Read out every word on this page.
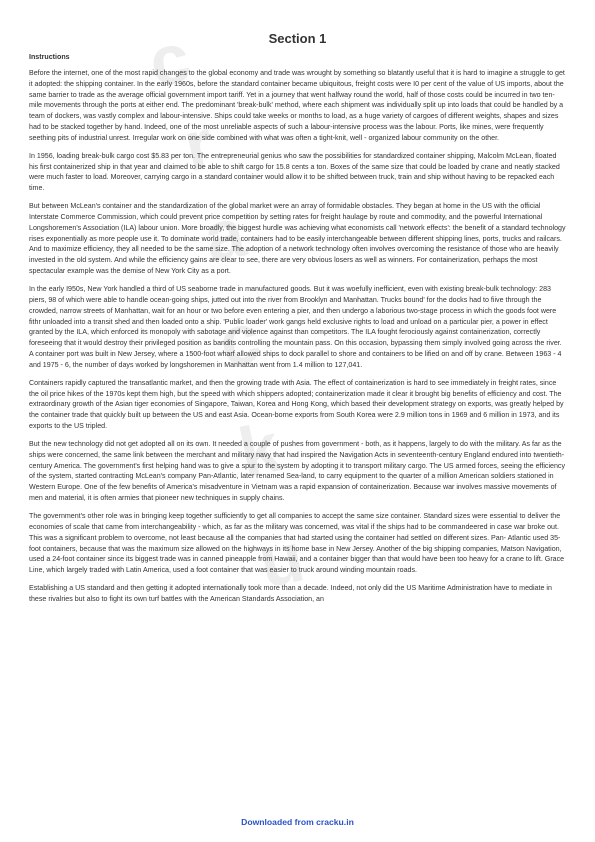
c
r
a
c
k
u
Section 1
Instructions

Before the internet, one of the most rapid changes to the global economy and trade was wrought by something so blatantly useful that it is hard to imagine a struggle to get it adopted: the shipping container. In the early 1960s, before the standard container became ubiquitous, freight costs were I0 per cent of the value of US imports, about the same barrier to trade as the average official government import tariff. Yet in a journey that went halfway round the world, half of those costs could be incurred in two ten-mile movements through the ports at either end. The predominant 'break-bulk' method, where each shipment was individually split up into loads that could be handled by a team of dockers, was vastly complex and labour-intensive. Ships could take weeks or months to load, as a huge variety of cargoes of different weights, shapes and sizes had to be stacked together by hand. Indeed, one of the most unreliable aspects of such a labour-intensive process was the labour. Ports, like mines, were frequently seething pits of industrial unrest. Irregular work on one side combined with what was often a tight-knit, well - organized labour community on the other.

In 1956, loading break-bulk cargo cost $5.83 per ton. The entrepreneurial genius who saw the possibilities for standardized container shipping, Malcolm McLean, floated his first containerized ship in that year and claimed to be able to shift cargo for 15.8 cents a ton. Boxes of the same size that could be loaded by crane and neatly stacked were much faster to load. Moreover, carrying cargo in a standard container would allow it to be shifted between truck, train and ship without having to be repacked each time.

But between McLean's container and the standardization of the global market were an array of formidable obstacles. They began at home in the US with the official Interstate Commerce Commission, which could prevent price competition by setting rates for freight haulage by route and commodity, and the powerful International Longshoremen's Association (ILA) labour union. More broadly, the biggest hurdle was achieving what economists call 'network effects': the benefit of a standard technology rises exponentially as more people use it. To dominate world trade, containers had to be easily interchangeable between different shipping lines, ports, trucks and railcars. And to maximize efficiency, they all needed to be the same size. The adoption of a network technology often involves overcoming the resistance of those who are heavily invested in the old system. And while the efficiency gains are clear to see, there are very obvious losers as well as winners. For containerization, perhaps the most spectacular example was the demise of New York City as a port.

In the early I950s, New York handled a third of US seaborne trade in manufactured goods. But it was woefully inefficient, even with existing break-bulk technology: 283 piers, 98 of which were able to handle ocean-going ships, jutted out into the river from Brooklyn and Manhattan. Trucks bound' for the docks had to fiive through the crowded, narrow streets of Manhattan, wait for an hour or two before even entering a pier, and then undergo a laborious two-stage process in which the goods foot were fithr unloaded into a transit shed and then loaded onto a ship. 'Public loader' work gangs held exclusive rights to load and unload on a particular pier, a power in effect granted by the ILA, which enforced its monopoly with sabotage and violence against than competitors. The ILA fought ferociously against containerization, correctly foreseeing that it would destroy their privileged position as bandits controlling the mountain pass. On this occasion, bypassing them simply involved going across the river. A container port was built in New Jersey, where a 1500-foot wharf allowed ships to dock parallel to shore and containers to be lified on and off by crane. Between 1963 - 4 and 1975 - 6, the number of days worked by longshoremen in Manhattan went from 1.4 million to 127,041.

Containers rapidly captured the transatlantic market, and then the growing trade with Asia. The effect of containerization is hard to see immediately in freight rates, since the oil price hikes of the 1970s kept them high, but the speed with which shippers adopted; containerization made it clear it brought big benefits of efficiency and cost. The extraordinary growth of the Asian tiger economies of Singapore, Taiwan, Korea and Hong Kong, which based their development strategy on exports, was greatly helped by the container trade that quickly built up between the US and east Asia. Ocean-borne exports from South Korea were 2.9 million tons in 1969 and 6 million in 1973, and its exports to the US tripled.

But the new technology did not get adopted all on its own. It needed a couple of pushes from government - both, as it happens, largely to do with the military. As far as the ships were concerned, the same link between the merchant and military navy that had inspired the Navigation Acts in seventeenth-century England endured into twentieth-century America. The government's first helping hand was to give a spur to the system by adopting it to transport military cargo. The US armed forces, seeing the efficiency of the system, started contracting McLean's company Pan-Atlantic, later renamed Sea-land, to carry equipment to the quarter of a million American soldiers stationed in Western Europe. One of the few benefits of America's misadventure in Vietnam was a rapid expansion of containerization. Because war involves massive movements of men and material, it is often armies that pioneer new techniques in supply chains.

The government's other role was in bringing keep together sufficiently to get all companies to accept the same size container. Standard sizes were essential to deliver the economies of scale that came from interchangeability - which, as far as the military was concerned, was vital if the ships had to be commandeered in case war broke out. This was a significant problem to overcome, not least because all the companies that had started using the container had settled on different sizes. Pan- Atlantic used 35- foot containers, because that was the maximum size allowed on the highways in its home base in New Jersey. Another of the big shipping companies, Matson Navigation, used a 24-foot container since its biggest trade was in canned pineapple from Hawaii, and a container bigger than that would have been too heavy for a crane to lift. Grace Line, which largely traded with Latin America, used a foot container that was easier to truck around winding mountain roads.

Establishing a US standard and then getting it adopted internationally took more than a decade. Indeed, not only did the US Maritime Administration have to mediate in these rivalries but also to fight its own turf battles with the American Standards Association, an

Downloaded from cracku.in
